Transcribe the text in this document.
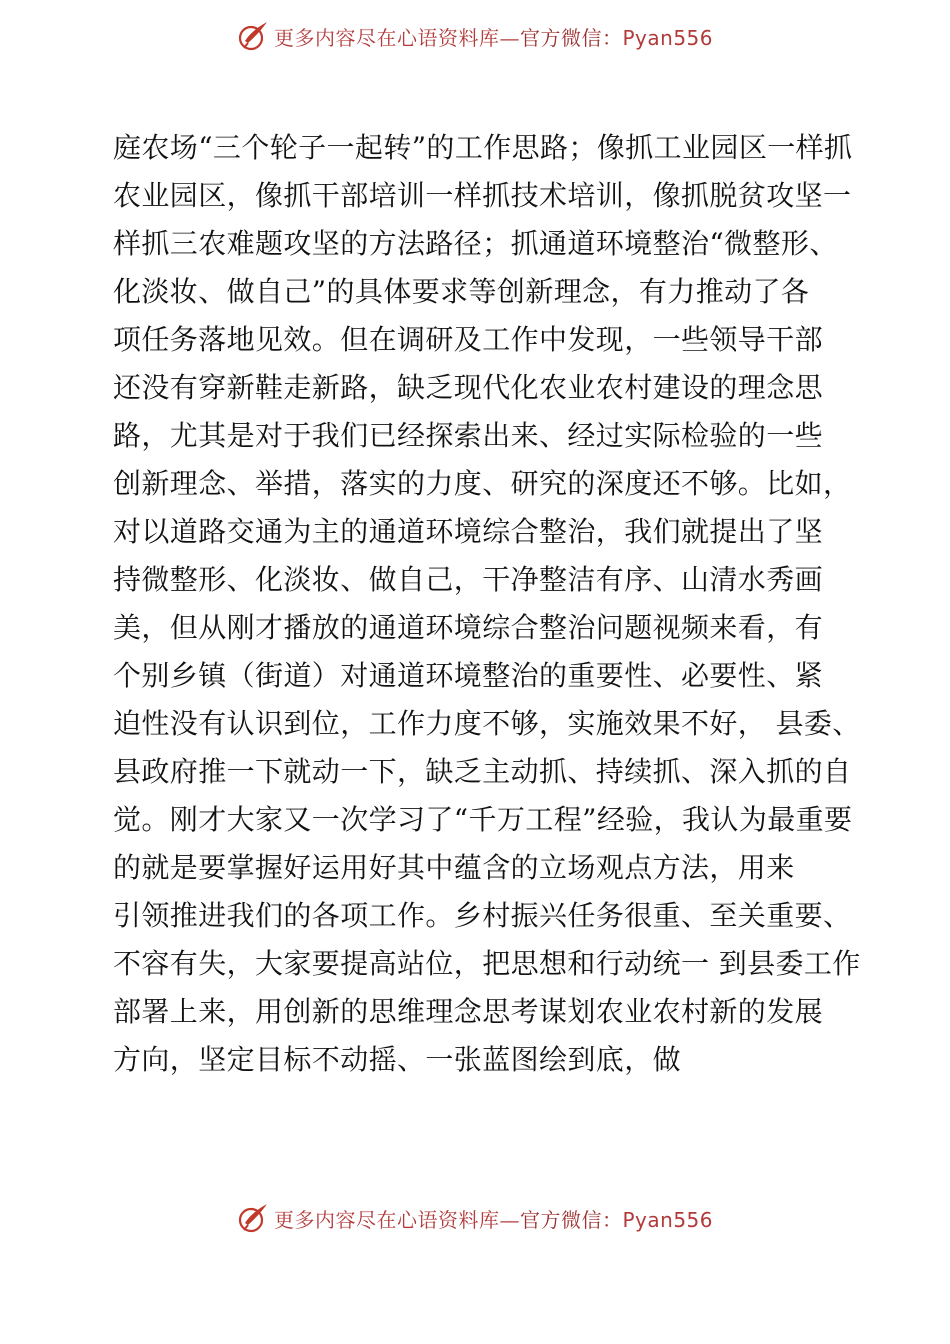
更多内容尽在心语资料库—官方微信：Pyan556
庭农场“三个轮子一起转”的工作思路；像抓工业园区一样抓
农业园区，像抓干部培训一样抓技术培训，像抓脱贫攻坚一
样抓三农难题攻坚的方法路径；抓通道环境整治“微整形、
化淡妆、做自己”的具体要求等创新理念，有力推动了各
项任务落地见效。但在调研及工作中发现，一些领导干部
还没有穿新鞋走新路，缺乏现代化农业农村建设的理念思
路，尤其是对于我们已经探索出来、经过实际检验的一些
创新理念、举措，落实的力度、研究的深度还不够。比如，
对以道路交通为主的通道环境综合整治，我们就提出了坚
持微整形、化淡妆、做自己，干净整洁有序、山清水秀画
美，但从刚才播放的通道环境综合整治问题视频来看，有
个别乡镇（街道）对通道环境整治的重要性、必要性、紧
迫性没有认识到位，工作力度不够，实施效果不好， 县委、
县政府推一下就动一下，缺乏主动抓、持续抓、深入抓的自
觉。刚才大家又一次学习了“千万工程”经验，我认为最重要
的就是要掌握好运用好其中蕴含的立场观点方法，用来
引领推进我们的各项工作。乡村振兴任务很重、至关重要、
不容有失，大家要提高站位，把思想和行动统一 到县委工作
部署上来，用创新的思维理念思考谋划农业农村新的发展
方向，坚定目标不动摇、一张蓝图绘到底，做
更多内容尽在心语资料库—官方微信：Pyan556
